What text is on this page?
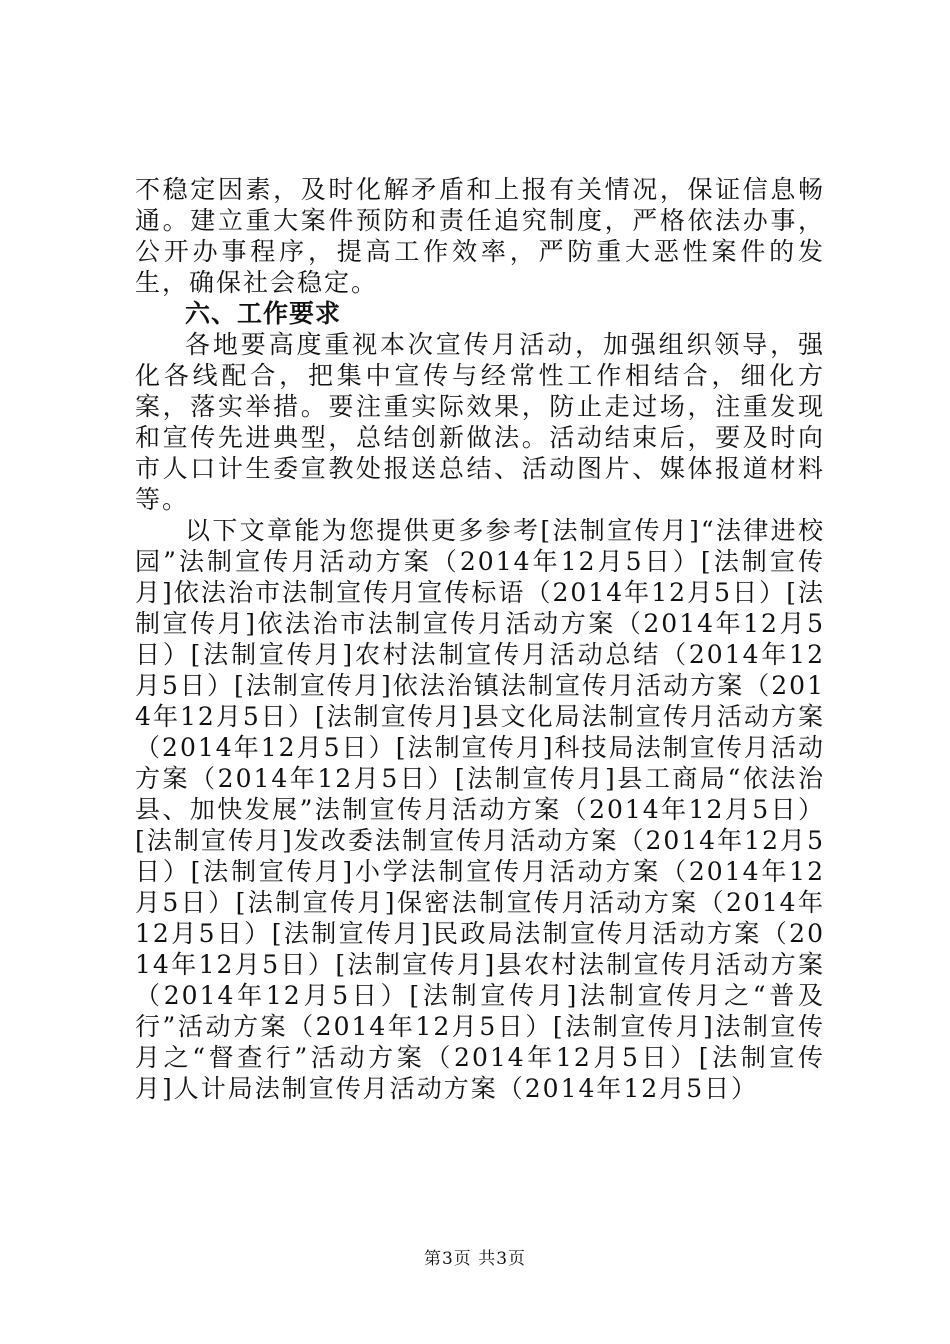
不稳定因素，及时化解矛盾和上报有关情况，保证信息畅通。建立重大案件预防和责任追究制度，严格依法办事，公开办事程序，提高工作效率，严防重大恶性案件的发生，确保社会稳定。

六、工作要求

各地要高度重视本次宣传月活动，加强组织领导，强化各线配合，把集中宣传与经常性工作相结合，细化方案，落实举措。要注重实际效果，防止走过场，注重发现和宣传先进典型，总结创新做法。活动结束后，要及时向市人口计生委宣教处报送总结、活动图片、媒体报道材料等。

以下文章能为您提供更多参考[法制宣传月]“法律进校园”法制宣传月活动方案（2014年12月5日）[法制宣传月]依法治市法制宣传月宣传标语（2014年12月5日）[法制宣传月]依法治市法制宣传月活动方案（2014年12月5日）[法制宣传月]农村法制宣传月活动总结（2014年12月5日）[法制宣传月]依法治镇法制宣传月活动方案（2014年12月5日）[法制宣传月]县文化局法制宣传月活动方案（2014年12月5日）[法制宣传月]科技局法制宣传月活动方案（2014年12月5日）[法制宣传月]县工商局“依法治县、加快发展”法制宣传月活动方案（2014年12月5日）[法制宣传月]发改委法制宣传月活动方案（2014年12月5日）[法制宣传月]小学法制宣传月活动方案（2014年12月5日）[法制宣传月]保密法制宣传月活动方案（2014年12月5日）[法制宣传月]民政局法制宣传月活动方案（2014年12月5日）[法制宣传月]县农村法制宣传月活动方案（2014年12月5日）[法制宣传月]法制宣传月之“普及行”活动方案（2014年12月5日）[法制宣传月]法制宣传月之“督查行”活动方案（2014年12月5日）[法制宣传月]人计局法制宣传月活动方案（2014年12月5日）

第3页 共3页
